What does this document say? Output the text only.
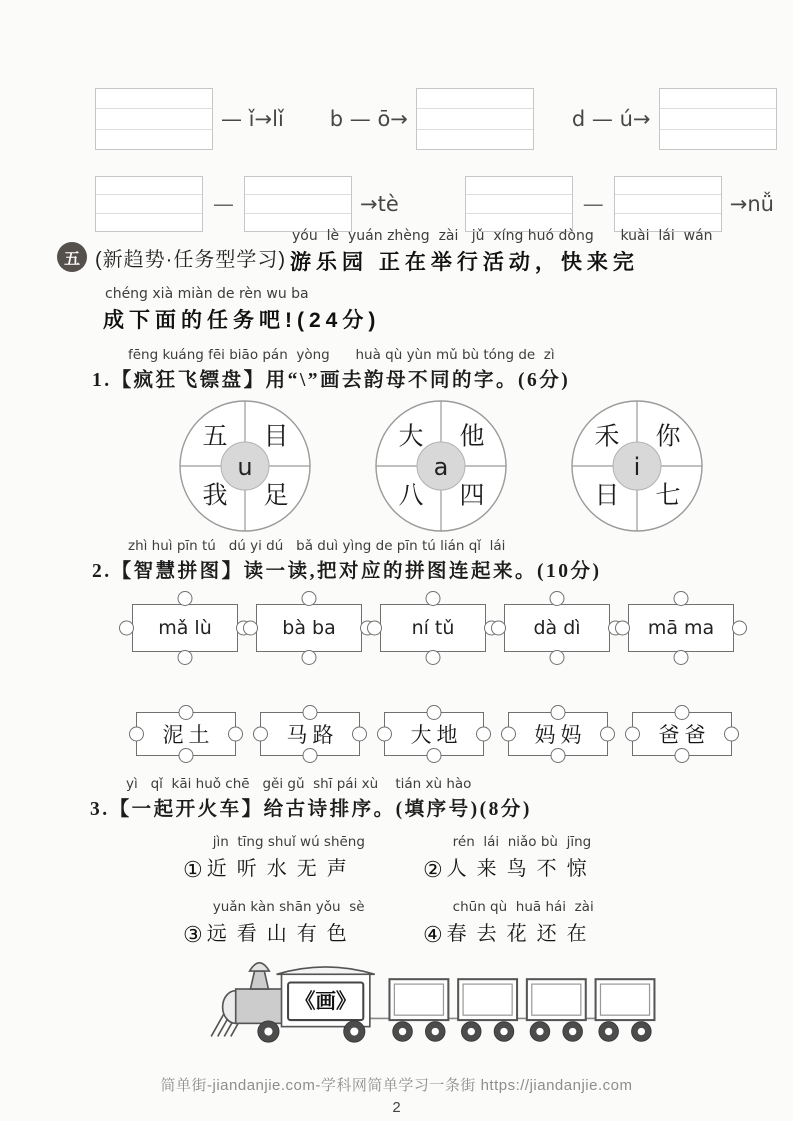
— ǐ→lǐ b — ō→	d — ú→
—	→tè	—	→nǚ
五 (新趋势·任务型学习)
yóu  lè  yuán zhèng  zài   jǔ  xíng huó dòng      kuài  lái  wán
游乐园 正在举行活动，快来完
chéng xià miàn de rèn wu ba
成下面的任务吧!(24分)
fēng kuáng fēi biāo pán  yòng      huà qù yùn mǔ bù tóng de  zì
1.【疯狂飞镖盘】用“\”画去韵母不同的字。(6分)
五 目
我 足
u
大 他
八 四
a
禾 你
日 七
i
zhì huì pīn tú   dú yi dú   bǎ duì yìng de pīn tú lián qǐ  lái
2.【智慧拼图】读一读,把对应的拼图连起来。(10分)
mǎ lù	bà ba	ní tǔ	dà dì	mā ma
泥土	马路	大地	妈妈	爸爸
yì   qǐ  kāi huǒ chē   gěi gǔ  shī pái xù    tián xù hào
3.【一起开火车】给古诗排序。(填序号)(8分)
①
jìn  tīng shuǐ wú shēng
近听水无声	②
rén  lái  niǎo bù  jīng
人来鸟不惊
③
yuǎn kàn shān yǒu  sè
远看山有色	④
chūn qù  huā hái  zài
春去花还在
《画》
简单街-jiandanjie.com-学科网简单学习一条街 https://jiandanjie.com
2
